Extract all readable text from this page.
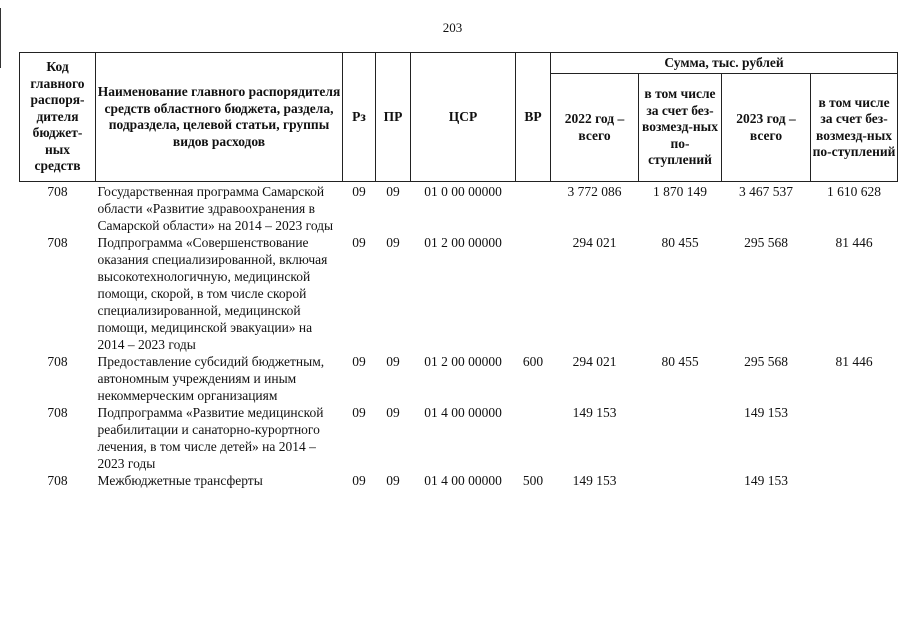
203
Код главного распоря-дителя бюджет-ных средств	Наименование главного распорядителя средств областного бюджета, раздела, подраздела, целевой статьи, группы видов расходов	Рз	ПР	ЦСР	ВР	Сумма, тыс. рублей			
						2022 год – всего	в том числе за счет без-возмезд-ных по-ступлений	2023 год – всего	в том числе за счет без-возмезд-ных по-ступлений
708	Государственная программа Самарской области «Развитие здравоохранения в Самарской области» на 2014 – 2023 годы	09	09	01 0 00 00000		3 772 086	1 870 149	3 467 537	1 610 628
708	Подпрограмма «Совершенствование оказания специализированной, включая высокотехнологичную, медицинской помощи, скорой, в том числе скорой специализированной, медицинской помощи, медицинской эвакуации» на 2014 – 2023 годы	09	09	01 2 00 00000		294 021	80 455	295 568	81 446
708	Предоставление субсидий бюджетным, автономным учреждениям и иным некоммерческим организациям	09	09	01 2 00 00000	600	294 021	80 455	295 568	81 446
708	Подпрограмма «Развитие медицинской реабилитации и санаторно-курортного лечения, в том числе детей» на 2014 – 2023 годы	09	09	01 4 00 00000		149 153		149 153	
708	Межбюджетные трансферты	09	09	01 4 00 00000	500	149 153		149 153	
